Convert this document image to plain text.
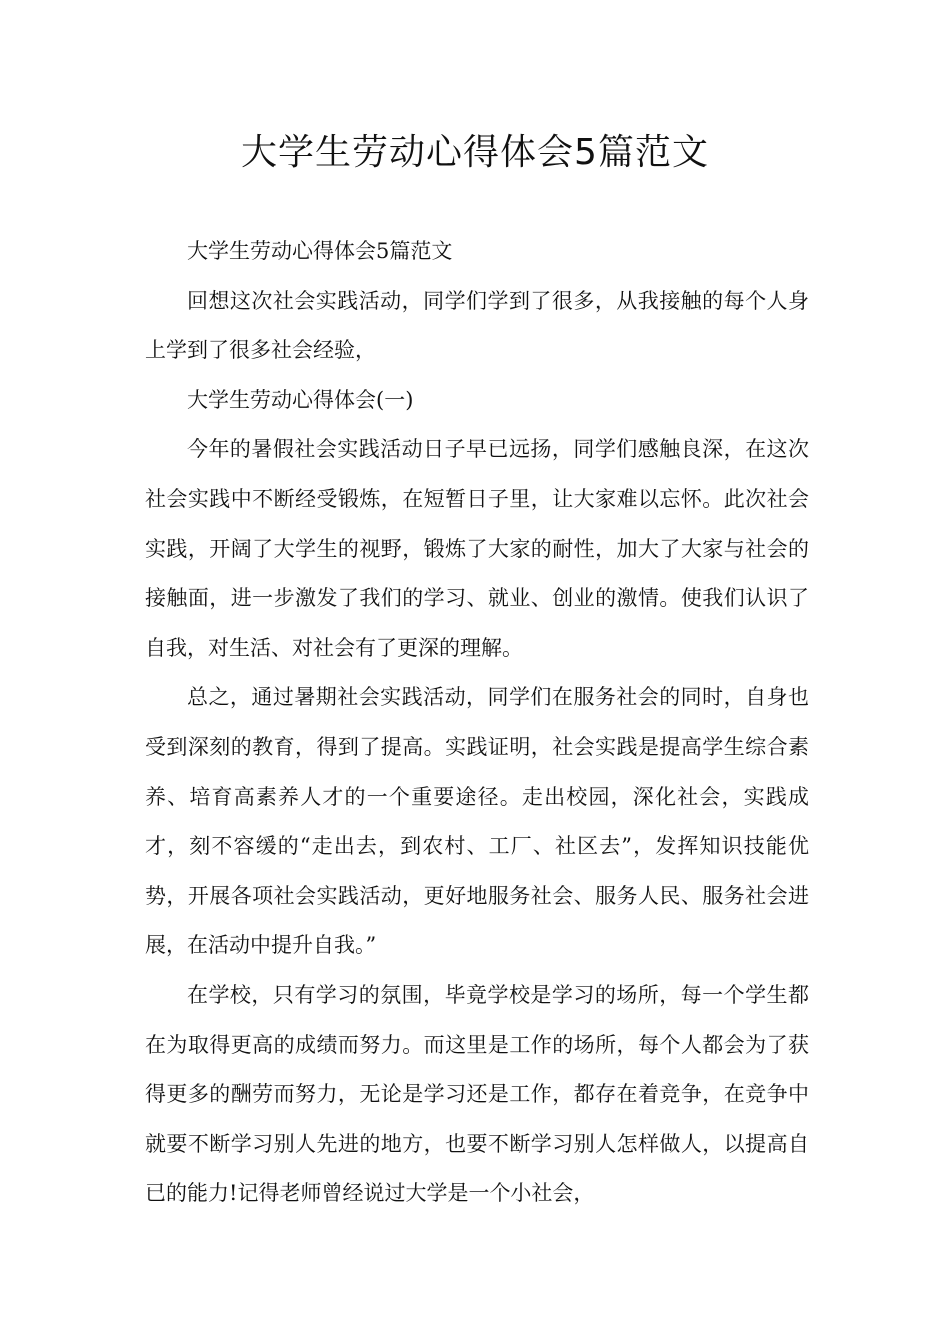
大学生劳动心得体会5篇范文

大学生劳动心得体会5篇范文

回想这次社会实践活动，同学们学到了很多，从我接触的每个人身上学到了很多社会经验，

大学生劳动心得体会(一)

今年的暑假社会实践活动日子早已远扬，同学们感触良深，在这次社会实践中不断经受锻炼，在短暂日子里，让大家难以忘怀。此次社会实践，开阔了大学生的视野，锻炼了大家的耐性，加大了大家与社会的接触面，进一步激发了我们的学习、就业、创业的激情。使我们认识了自我，对生活、对社会有了更深的理解。

总之，通过暑期社会实践活动，同学们在服务社会的同时，自身也受到深刻的教育，得到了提高。实践证明，社会实践是提高学生综合素养、培育高素养人才的一个重要途径。走出校园，深化社会，实践成才，刻不容缓的“走出去，到农村、工厂、社区去”，发挥知识技能优势，开展各项社会实践活动，更好地服务社会、服务人民、服务社会进展，在活动中提升自我。”

在学校，只有学习的氛围，毕竟学校是学习的场所，每一个学生都在为取得更高的成绩而努力。而这里是工作的场所，每个人都会为了获得更多的酬劳而努力，无论是学习还是工作，都存在着竞争，在竞争中就要不断学习别人先进的地方，也要不断学习别人怎样做人，以提高自已的能力!记得老师曾经说过大学是一个小社会，
